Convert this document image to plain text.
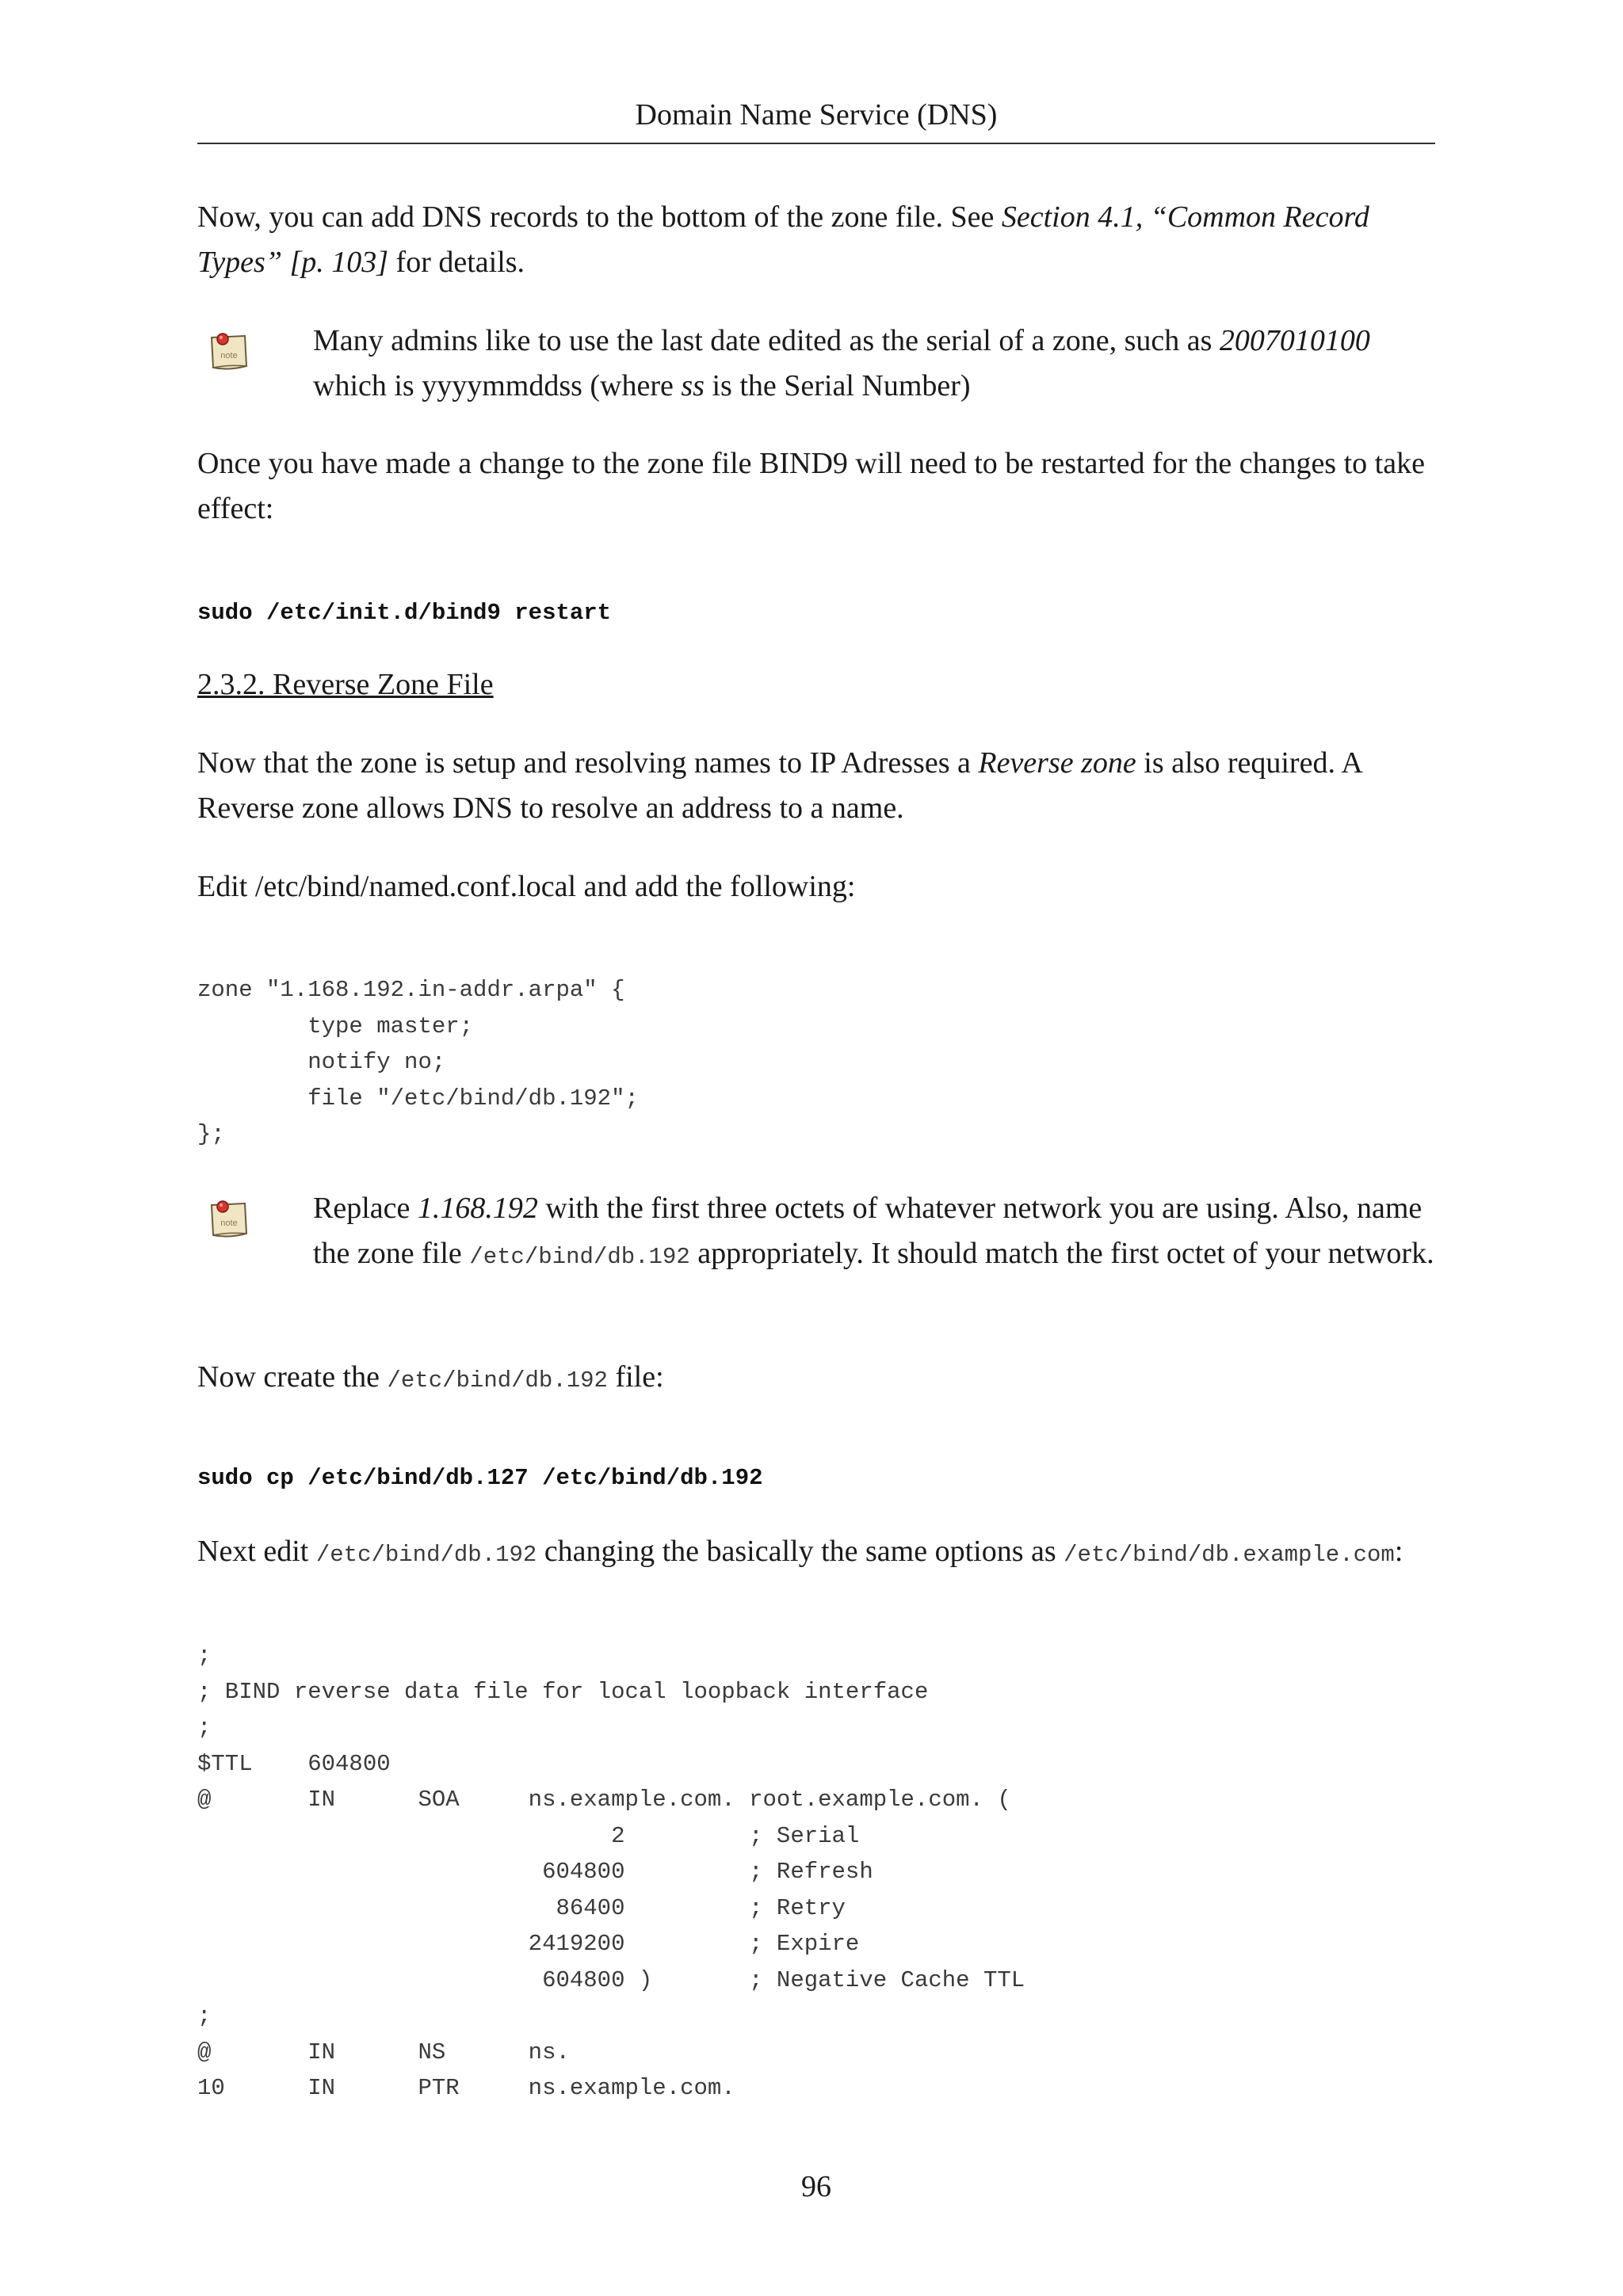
Domain Name Service (DNS)

Now, you can add DNS records to the bottom of the zone file. See Section 4.1, “Common Record Types” [p. 103] for details.

note	Many admins like to use the last date edited as the serial of a zone, such as 2007010100 which is yyyymmddss (where ss is the Serial Number)

Once you have made a change to the zone file BIND9 will need to be restarted for the changes to take effect:

sudo /etc/init.d/bind9 restart

2.3.2. Reverse Zone File

Now that the zone is setup and resolving names to IP Adresses a Reverse zone is also required. A Reverse zone allows DNS to resolve an address to a name.

Edit /etc/bind/named.conf.local and add the following:

zone "1.168.192.in-addr.arpa" {
type master;
notify no;
file "/etc/bind/db.192";
};
note	Replace 1.168.192 with the first three octets of whatever network you are using. Also, name the zone file /etc/bind/db.192 appropriately. It should match the first octet of your network.

Now create the /etc/bind/db.192 file:

sudo cp /etc/bind/db.127 /etc/bind/db.192

Next edit /etc/bind/db.192 changing the basically the same options as /etc/bind/db.example.com:

;
; BIND reverse data file for local loopback interface
;
$TTL    604800
@       IN      SOA     ns.example.com. root.example.com. (
2         ; Serial
604800         ; Refresh
86400         ; Retry
2419200         ; Expire
604800 )       ; Negative Cache TTL
;
@       IN      NS      ns.
10      IN      PTR     ns.example.com.
96
